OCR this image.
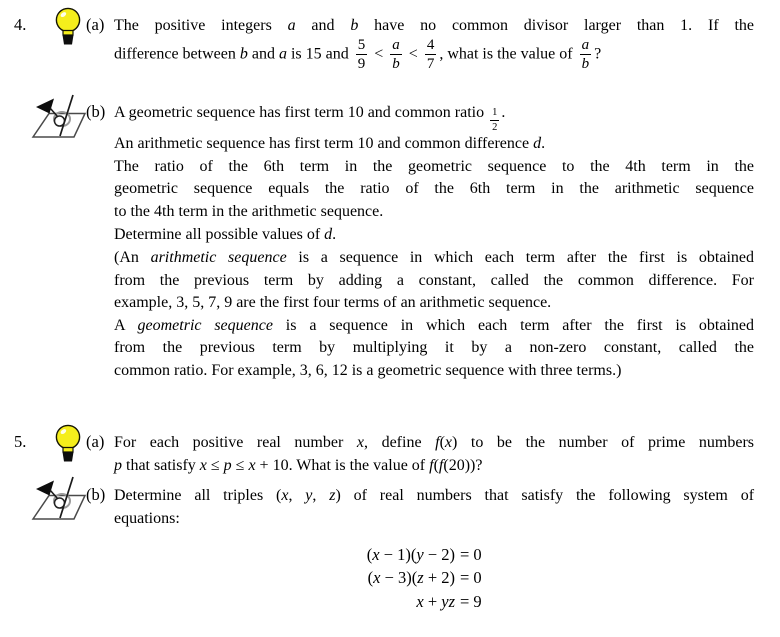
4.	(a) The positive integers a and b have no common divisor larger than 1. If the
difference between b and a is 15 and $\frac{5}{9} < \frac{a}{b} < \frac{4}{7}$ , what is the value of $\frac{a}{b}$ ?
(b) A geometric sequence has first term 10 and common ratio $\frac{1}{2}$ .
An arithmetic sequence has first term 10 and common difference d.
The ratio of the 6th term in the geometric sequence to the 4th term in the
geometric sequence equals the ratio of the 6th term in the arithmetic sequence
to the 4th term in the arithmetic sequence.
Determine all possible values of d.
(An arithmetic sequence is a sequence in which each term after the first is obtained
from the previous term by adding a constant, called the common difference. For
example, 3, 5, 7, 9 are the first four terms of an arithmetic sequence.
A geometric sequence is a sequence in which each term after the first is obtained
from the previous term by multiplying it by a non-zero constant, called the
common ratio. For example, 3, 6, 12 is a geometric sequence with three terms.)
5.	(a) For each positive real number x, define f(x) to be the number of prime numbers
p that satisfy x ≤ p ≤ x + 10. What is the value of f(f(20))?
(b) Determine all triples (x, y, z) of real numbers that satisfy the following system of
equations:
(x − 1)(y − 2) = 0
(x − 3)(z + 2) = 0
x + yz = 9
